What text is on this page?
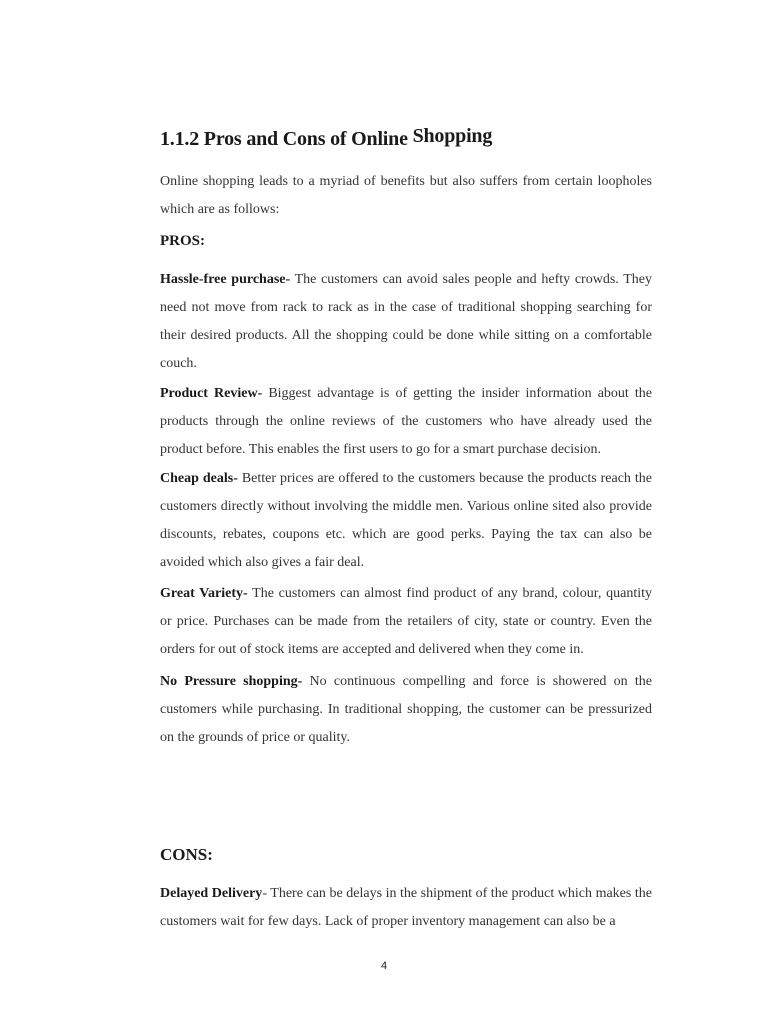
1.1.2 Pros and Cons of Online Shopping
Online shopping leads to a myriad of benefits but also suffers from certain loopholes which are as follows:
PROS:
Hassle-free purchase- The customers can avoid sales people and hefty crowds. They need not move from rack to rack as in the case of traditional shopping searching for their desired products. All the shopping could be done while sitting on a comfortable couch.
Product Review- Biggest advantage is of getting the insider information about the products through the online reviews of the customers who have already used the product before. This enables the first users to go for a smart purchase decision.
Cheap deals- Better prices are offered to the customers because the products reach the customers directly without involving the middle men. Various online sited also provide discounts, rebates, coupons etc. which are good perks. Paying the tax can also be avoided which also gives a fair deal.
Great Variety- The customers can almost find product of any brand, colour, quantity or price. Purchases can be made from the retailers of city, state or country. Even the orders for out of stock items are accepted and delivered when they come in.
No Pressure shopping- No continuous compelling and force is showered on the customers while purchasing. In traditional shopping, the customer can be pressurized on the grounds of price or quality.
CONS:
Delayed Delivery- There can be delays in the shipment of the product which makes the customers wait for few days. Lack of proper inventory management can also be a
4
